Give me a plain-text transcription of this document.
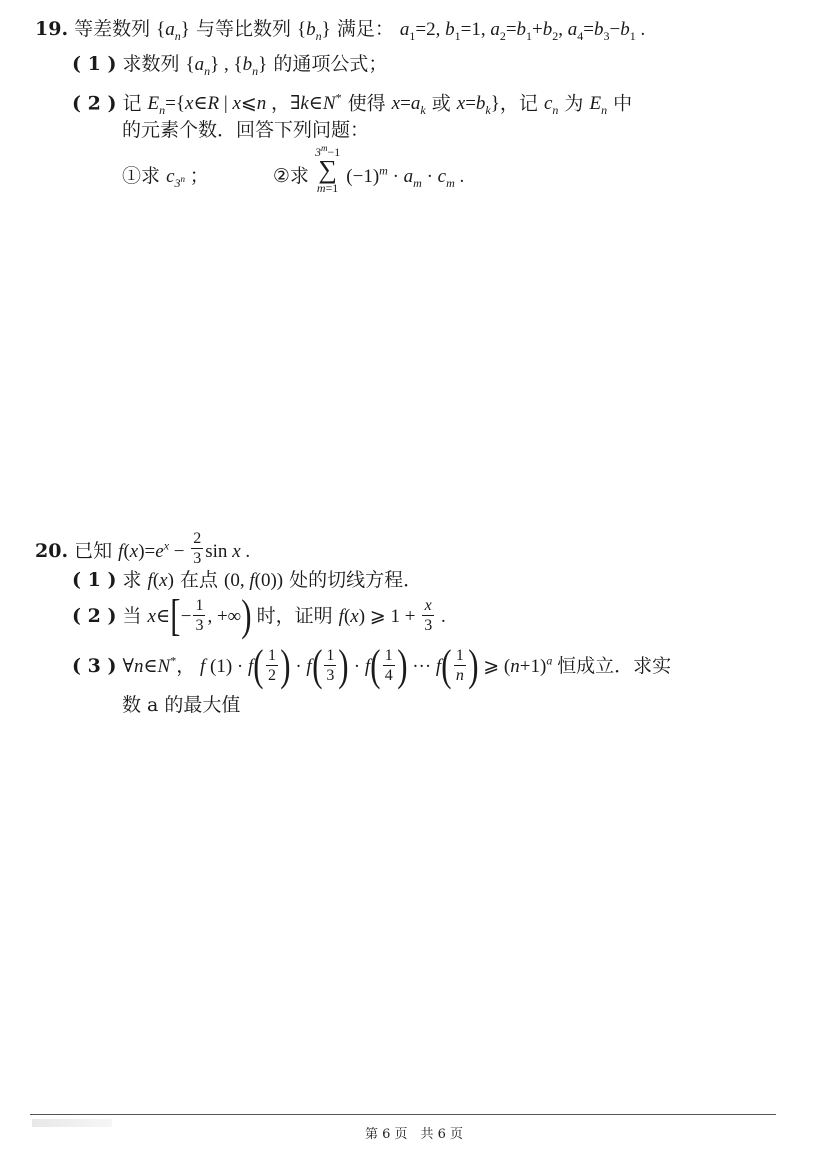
19. 等差数列 $\{a_n\}$ 与等比数列 $\{b_n\}$ 满足： $a_1=2$, $b_1=1$, $a_2=b_1+b_2$, $a_4=b_3-b_1$ .
( 1 ) 求数列 $\{a_n\}$ , $\{b_n\}$ 的通项公式；
( 2 ) 记 $E_n=\{x\in R$ | x⩽n ，∃k∈N* 使得 $x=a_k$ 或 $x=b_k$}，记 $c_n$ 为 $E_n$ 中
的元素个数．回答下列问题：
①求 $c_{3^n}$ ；	②求
$3^m-1$
∑
m=1
$(-1)^m \cdot a_m \cdot c_m$ .
20. 已知 $f(x)=e^x - \frac{2}{3}$ sin x .
( 1 ) 求 f(x) 在点 (0, f(0)) 处的切线方程．
( 2 ) 当 x∈[− $\frac{1}{3}$ , +∞) 时，证明 f(x) ⩾ $1 + \frac{x}{3}$ .
( 3 ) ∀n∈N*， f $(1) \cdot f( \frac{1}{2}$ ) · $f( \frac{1}{3}$ ) · $f( \frac{1}{4}$ ) ··· $f( \frac{1}{n}$ ) ⩾ $(n+1)^a$ 恒成立．求实
数 a 的最大值
第 6 页　共 6 页
